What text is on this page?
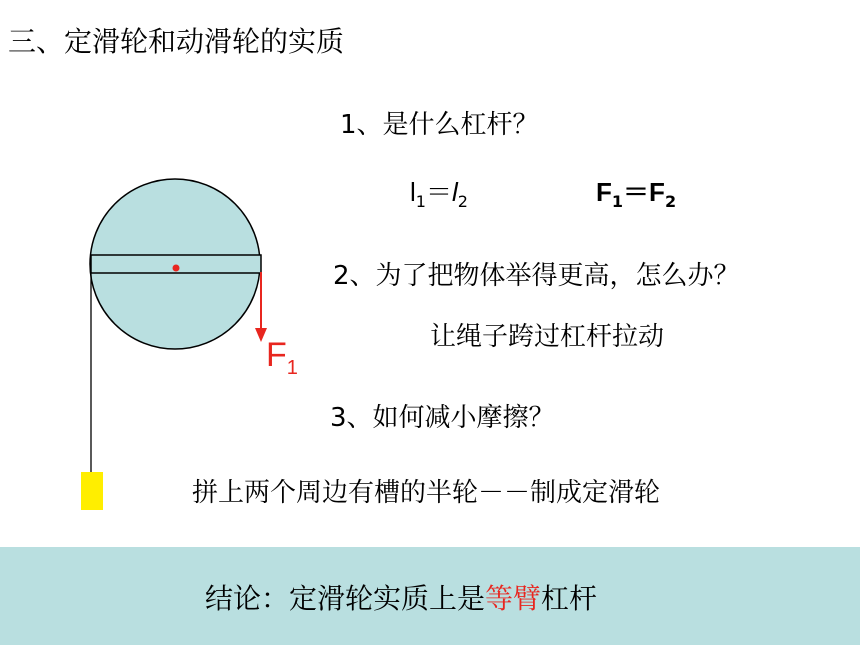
三、定滑轮和动滑轮的实质
$F_1$
1、是什么杠杆？
$l_1=l_2$	$F_1=F_2$
2、为了把物体举得更高，怎么办？
让绳子跨过杠杆拉动
3、如何减小摩擦？
拼上两个周边有槽的半轮－－制成定滑轮
结论：定滑轮实质上是等臂杠杆
